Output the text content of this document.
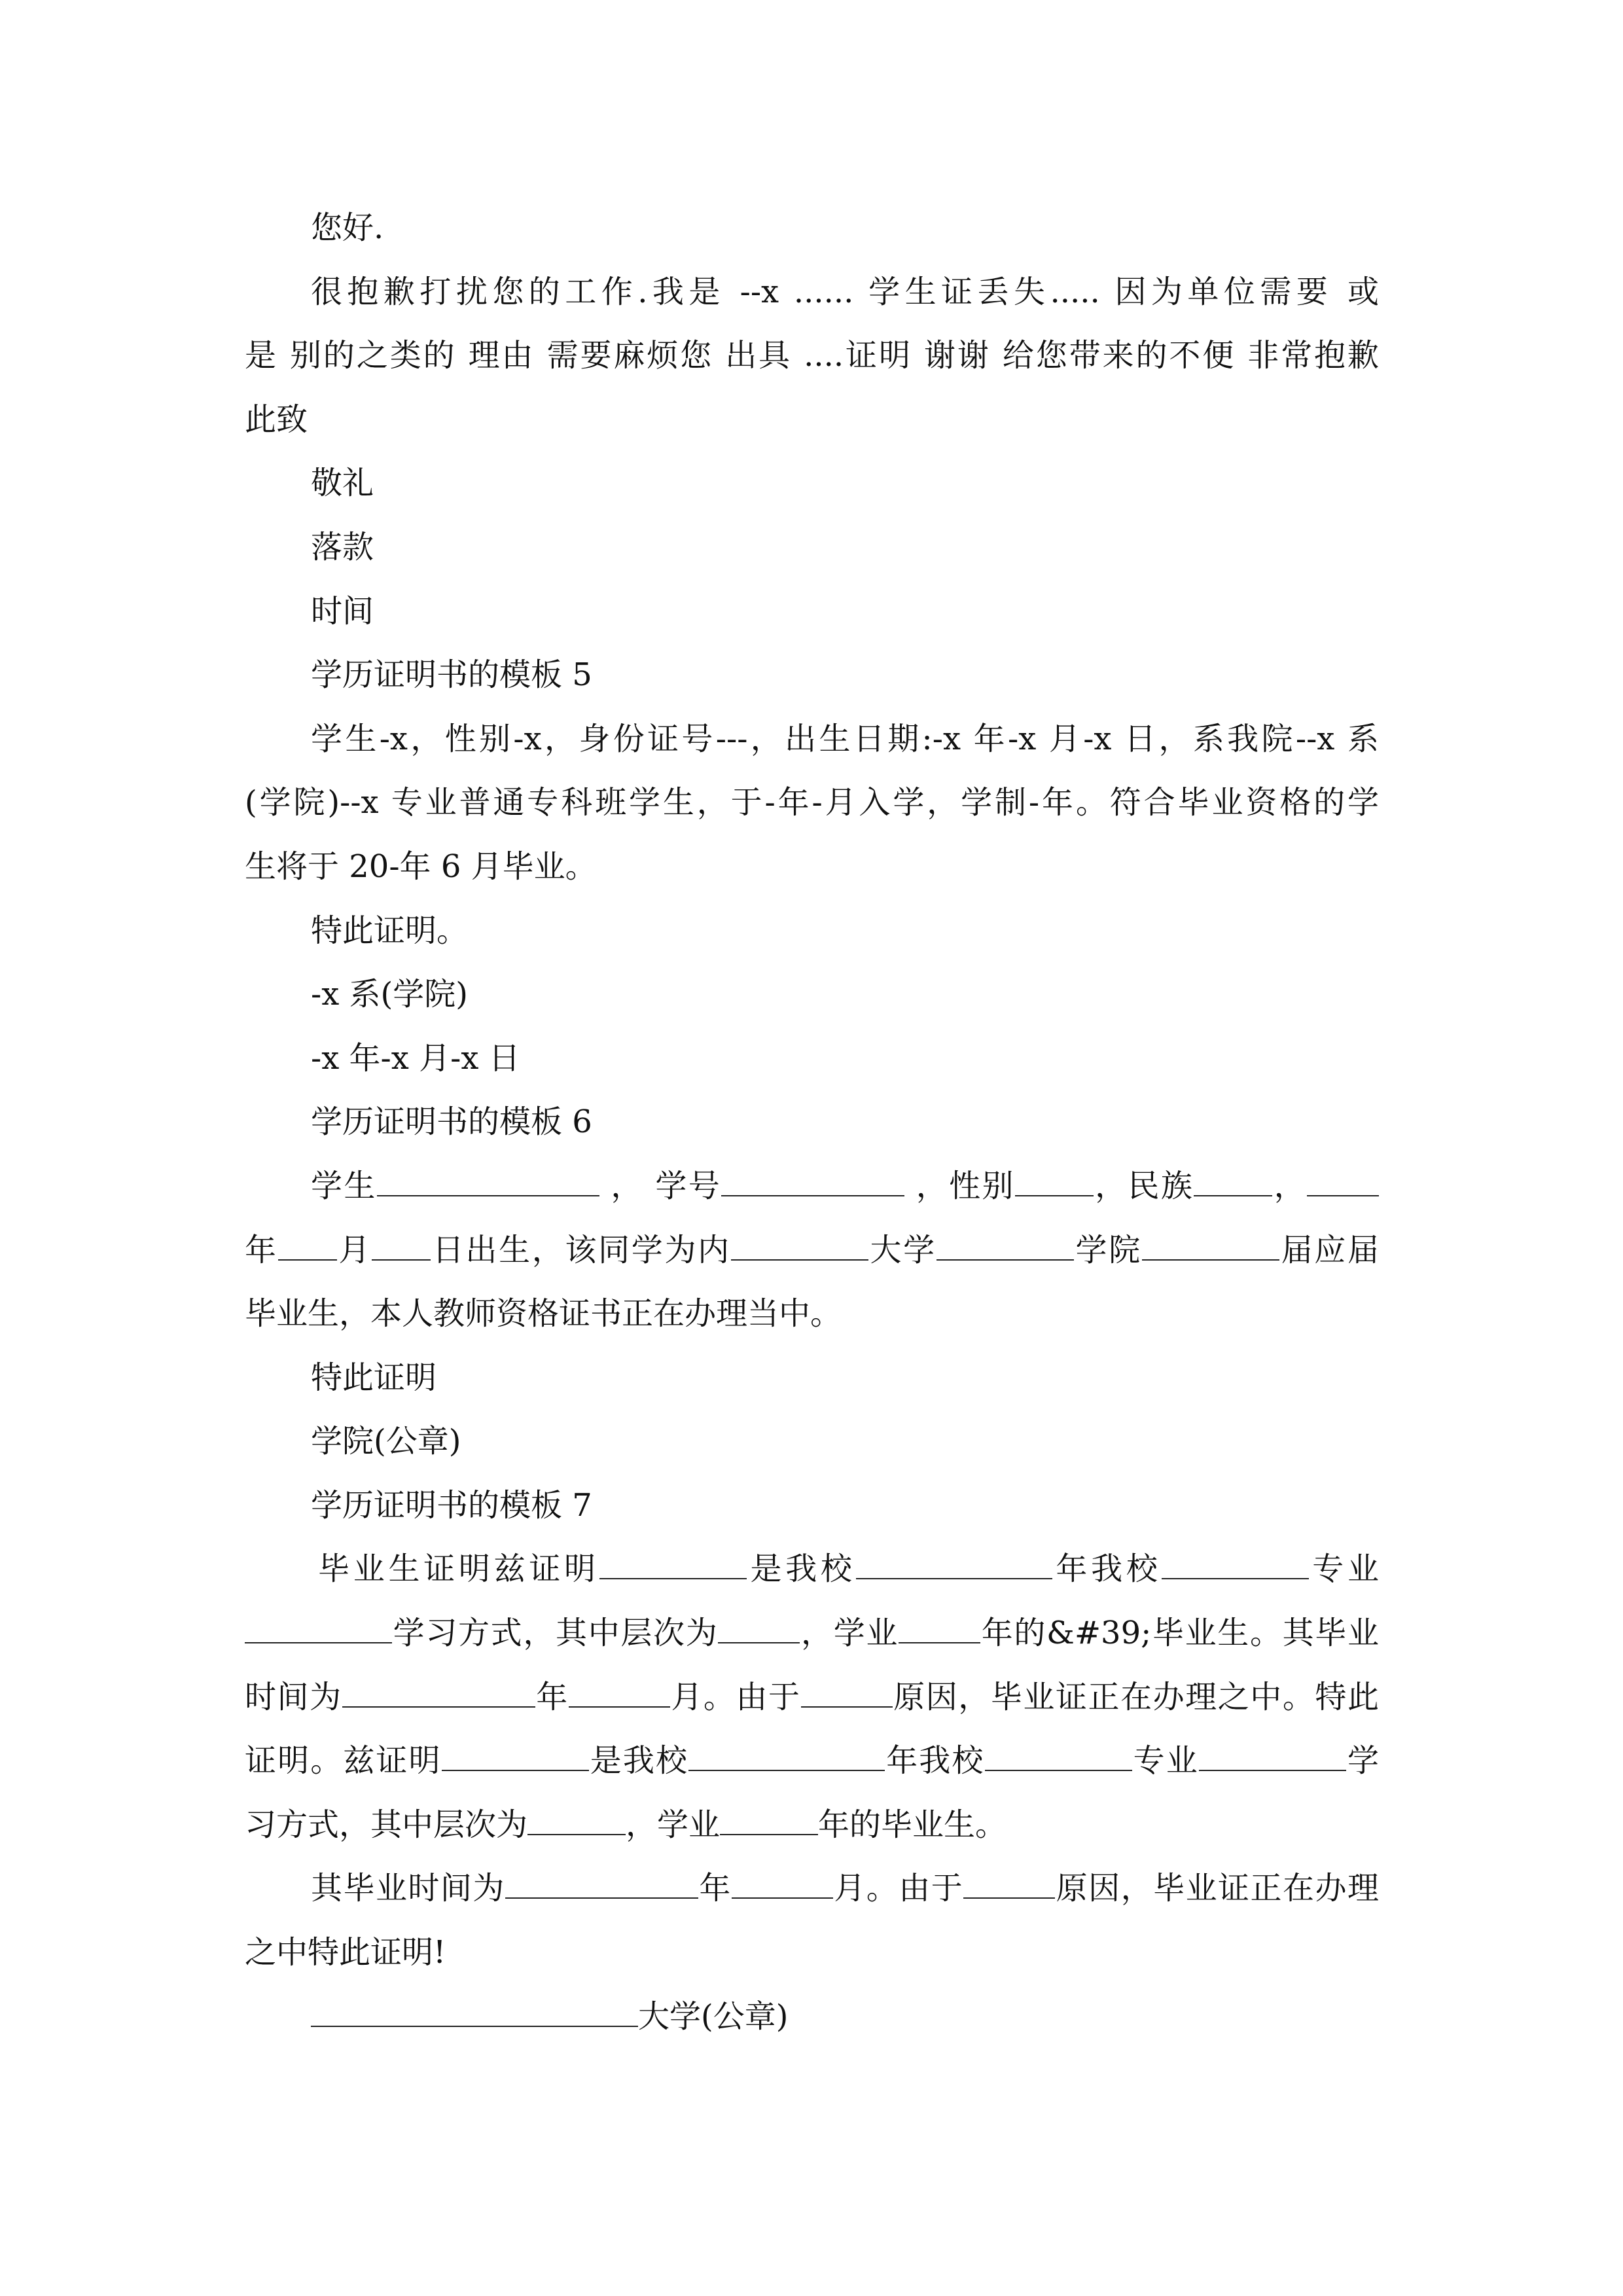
您好.
很抱歉打扰您的工作.我是 --x ...... 学生证丢失..... 因为单位需要 或
是 别的之类的 理由 需要麻烦您 出具 ....证明 谢谢 给您带来的不便 非常抱歉
此致
敬礼
落款
时间
学历证明书的模板 5
学生-x，性别-x，身份证号---，出生日期:-x 年-x 月-x 日，系我院--x 系
(学院)--x 专业普通专科班学生，于-年-月入学，学制-年。符合毕业资格的学
生将于 20-年 6 月毕业。
特此证明。
-x 系(学院)
-x 年-x 月-x 日
学历证明书的模板 6
学生	， 学号	，性别	，民族	，
年 月 日出生，该同学为内	大学	学院	届应届
毕业生，本人教师资格证书正在办理当中。
特此证明
学院(公章)
学历证明书的模板 7
毕业生证明兹证明	是我校	年我校	专业
学习方式，其中层次为	，学业	年的&#39;毕业生。其毕业
时间为	年	月。由于	原因，毕业证正在办理之中。特此
证明。兹证明	是我校	年我校	专业	学
习方式，其中层次为	，学业	年的毕业生。
其毕业时间为	年	月。由于	原因，毕业证正在办理
之中特此证明!
大学(公章)
